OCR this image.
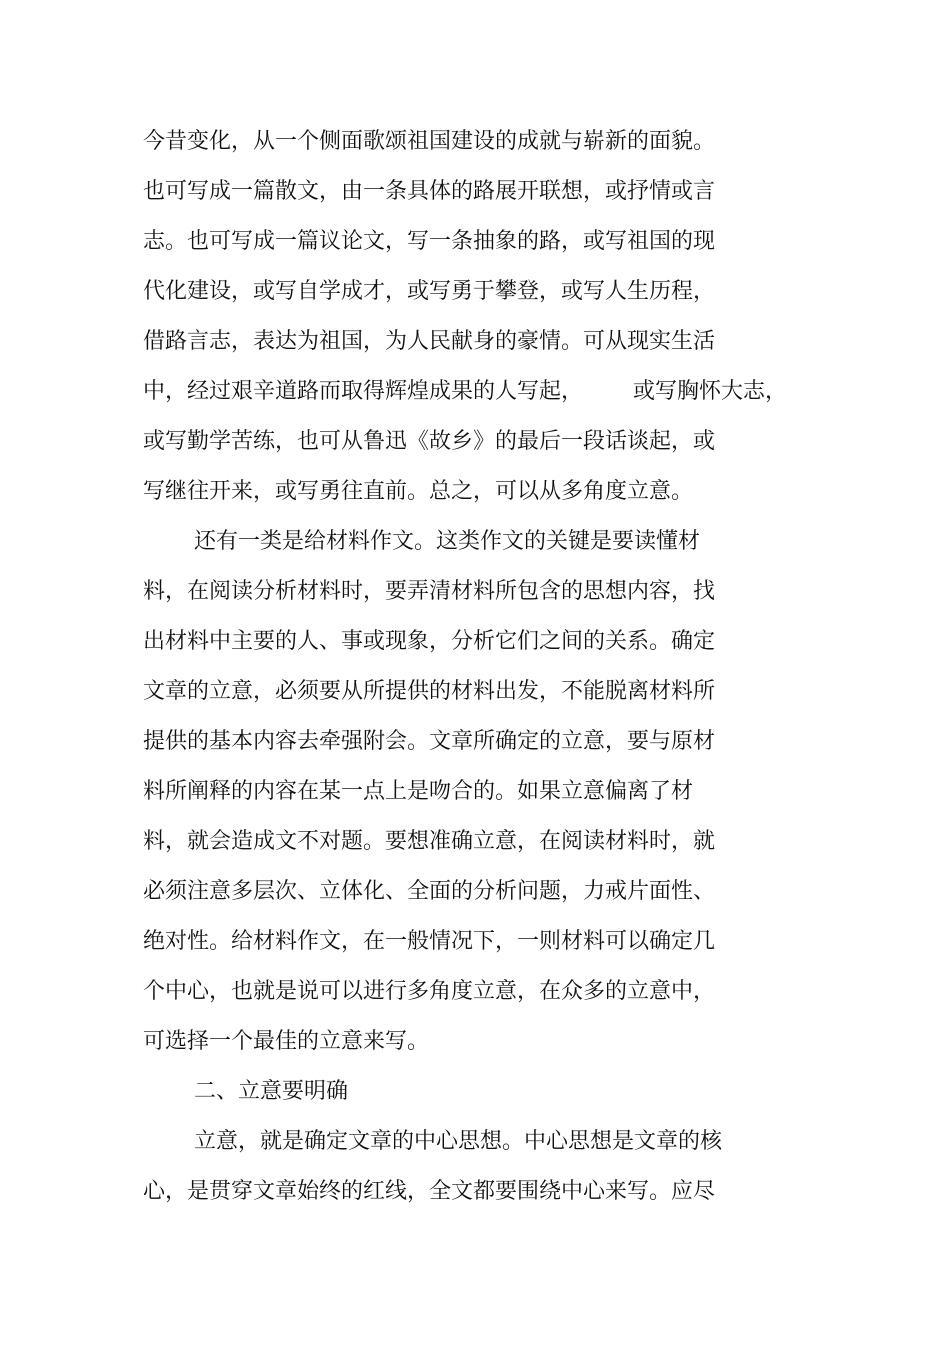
今昔变化，从一个侧面歌颂祖国建设的成就与崭新的面貌。
也可写成一篇散文，由一条具体的路展开联想，或抒情或言
志。也可写成一篇议论文，写一条抽象的路，或写祖国的现
代化建设，或写自学成才，或写勇于攀登，或写人生历程，
借路言志，表达为祖国，为人民献身的豪情。可从现实生活
中，经过艰辛道路而取得辉煌成果的人写起， 或写胸怀大志，
或写勤学苦练，也可从鲁迅《故乡》的最后一段话谈起，或
写继往开来，或写勇往直前。总之，可以从多角度立意。
还有一类是给材料作文。这类作文的关键是要读懂材
料，在阅读分析材料时，要弄清材料所包含的思想内容，找
出材料中主要的人、事或现象，分析它们之间的关系。确定
文章的立意，必须要从所提供的材料出发，不能脱离材料所
提供的基本内容去牵强附会。文章所确定的立意，要与原材
料所阐释的内容在某一点上是吻合的。如果立意偏离了材
料，就会造成文不对题。要想准确立意，在阅读材料时，就
必须注意多层次、立体化、全面的分析问题，力戒片面性、
绝对性。给材料作文，在一般情况下，一则材料可以确定几
个中心，也就是说可以进行多角度立意，在众多的立意中，
可选择一个最佳的立意来写。
二、立意要明确
立意，就是确定文章的中心思想。中心思想是文章的核
心，是贯穿文章始终的红线，全文都要围绕中心来写。应尽
